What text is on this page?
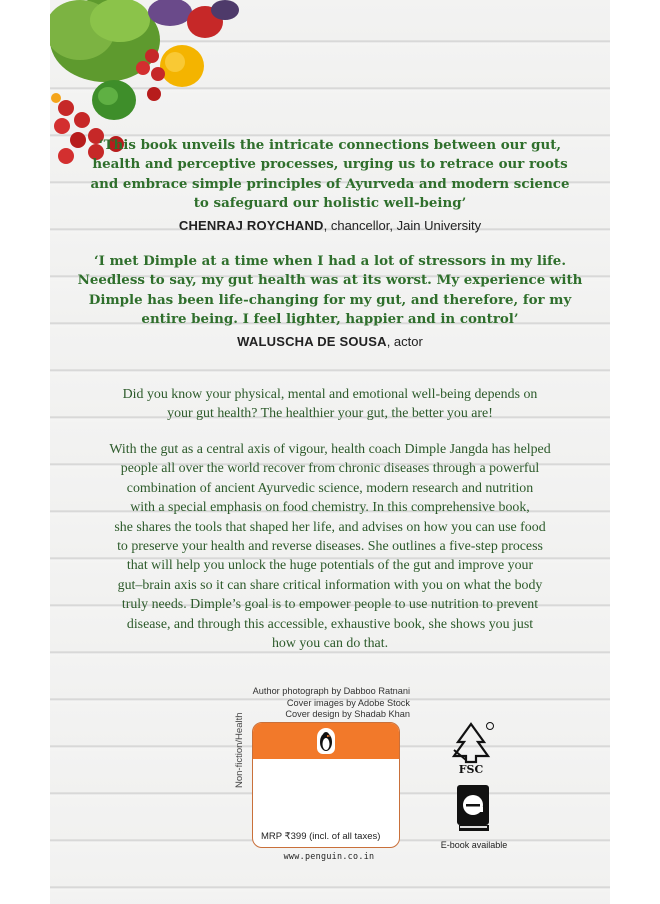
‘This book unveils the intricate connections between our gut,
health and perceptive processes, urging us to retrace our roots
and embrace simple principles of Ayurveda and modern science
to safeguard our holistic well-being’
CHENRAJ ROYCHAND, chancellor, Jain University
‘I met Dimple at a time when I had a lot of stressors in my life.
Needless to say, my gut health was at its worst. My experience with
Dimple has been life-changing for my gut, and therefore, for my
entire being. I feel lighter, happier and in control’
WALUSCHA DE SOUSA, actor
Did you know your physical, mental and emotional well-being depends on
your gut health? The healthier your gut, the better you are!
With the gut as a central axis of vigour, health coach Dimple Jangda has helped
people all over the world recover from chronic diseases through a powerful
combination of ancient Ayurvedic science, modern research and nutrition
with a special emphasis on food chemistry. In this comprehensive book,
she shares the tools that shaped her life, and advises on how you can use food
to preserve your health and reverse diseases. She outlines a five-step process
that will help you unlock the huge potentials of the gut and improve your
gut–brain axis so it can share critical information with you on what the body
truly needs. Dimple’s goal is to empower people to use nutrition to prevent
disease, and through this accessible, exhaustive book, she shows you just
how you can do that.
Author photograph by Dabboo Ratnani
Cover images by Adobe Stock
Cover design by Shadab Khan
Non-fiction/Health
MRP ₹399 (incl. of all taxes)
www.penguin.co.in
FSC
E-book available
